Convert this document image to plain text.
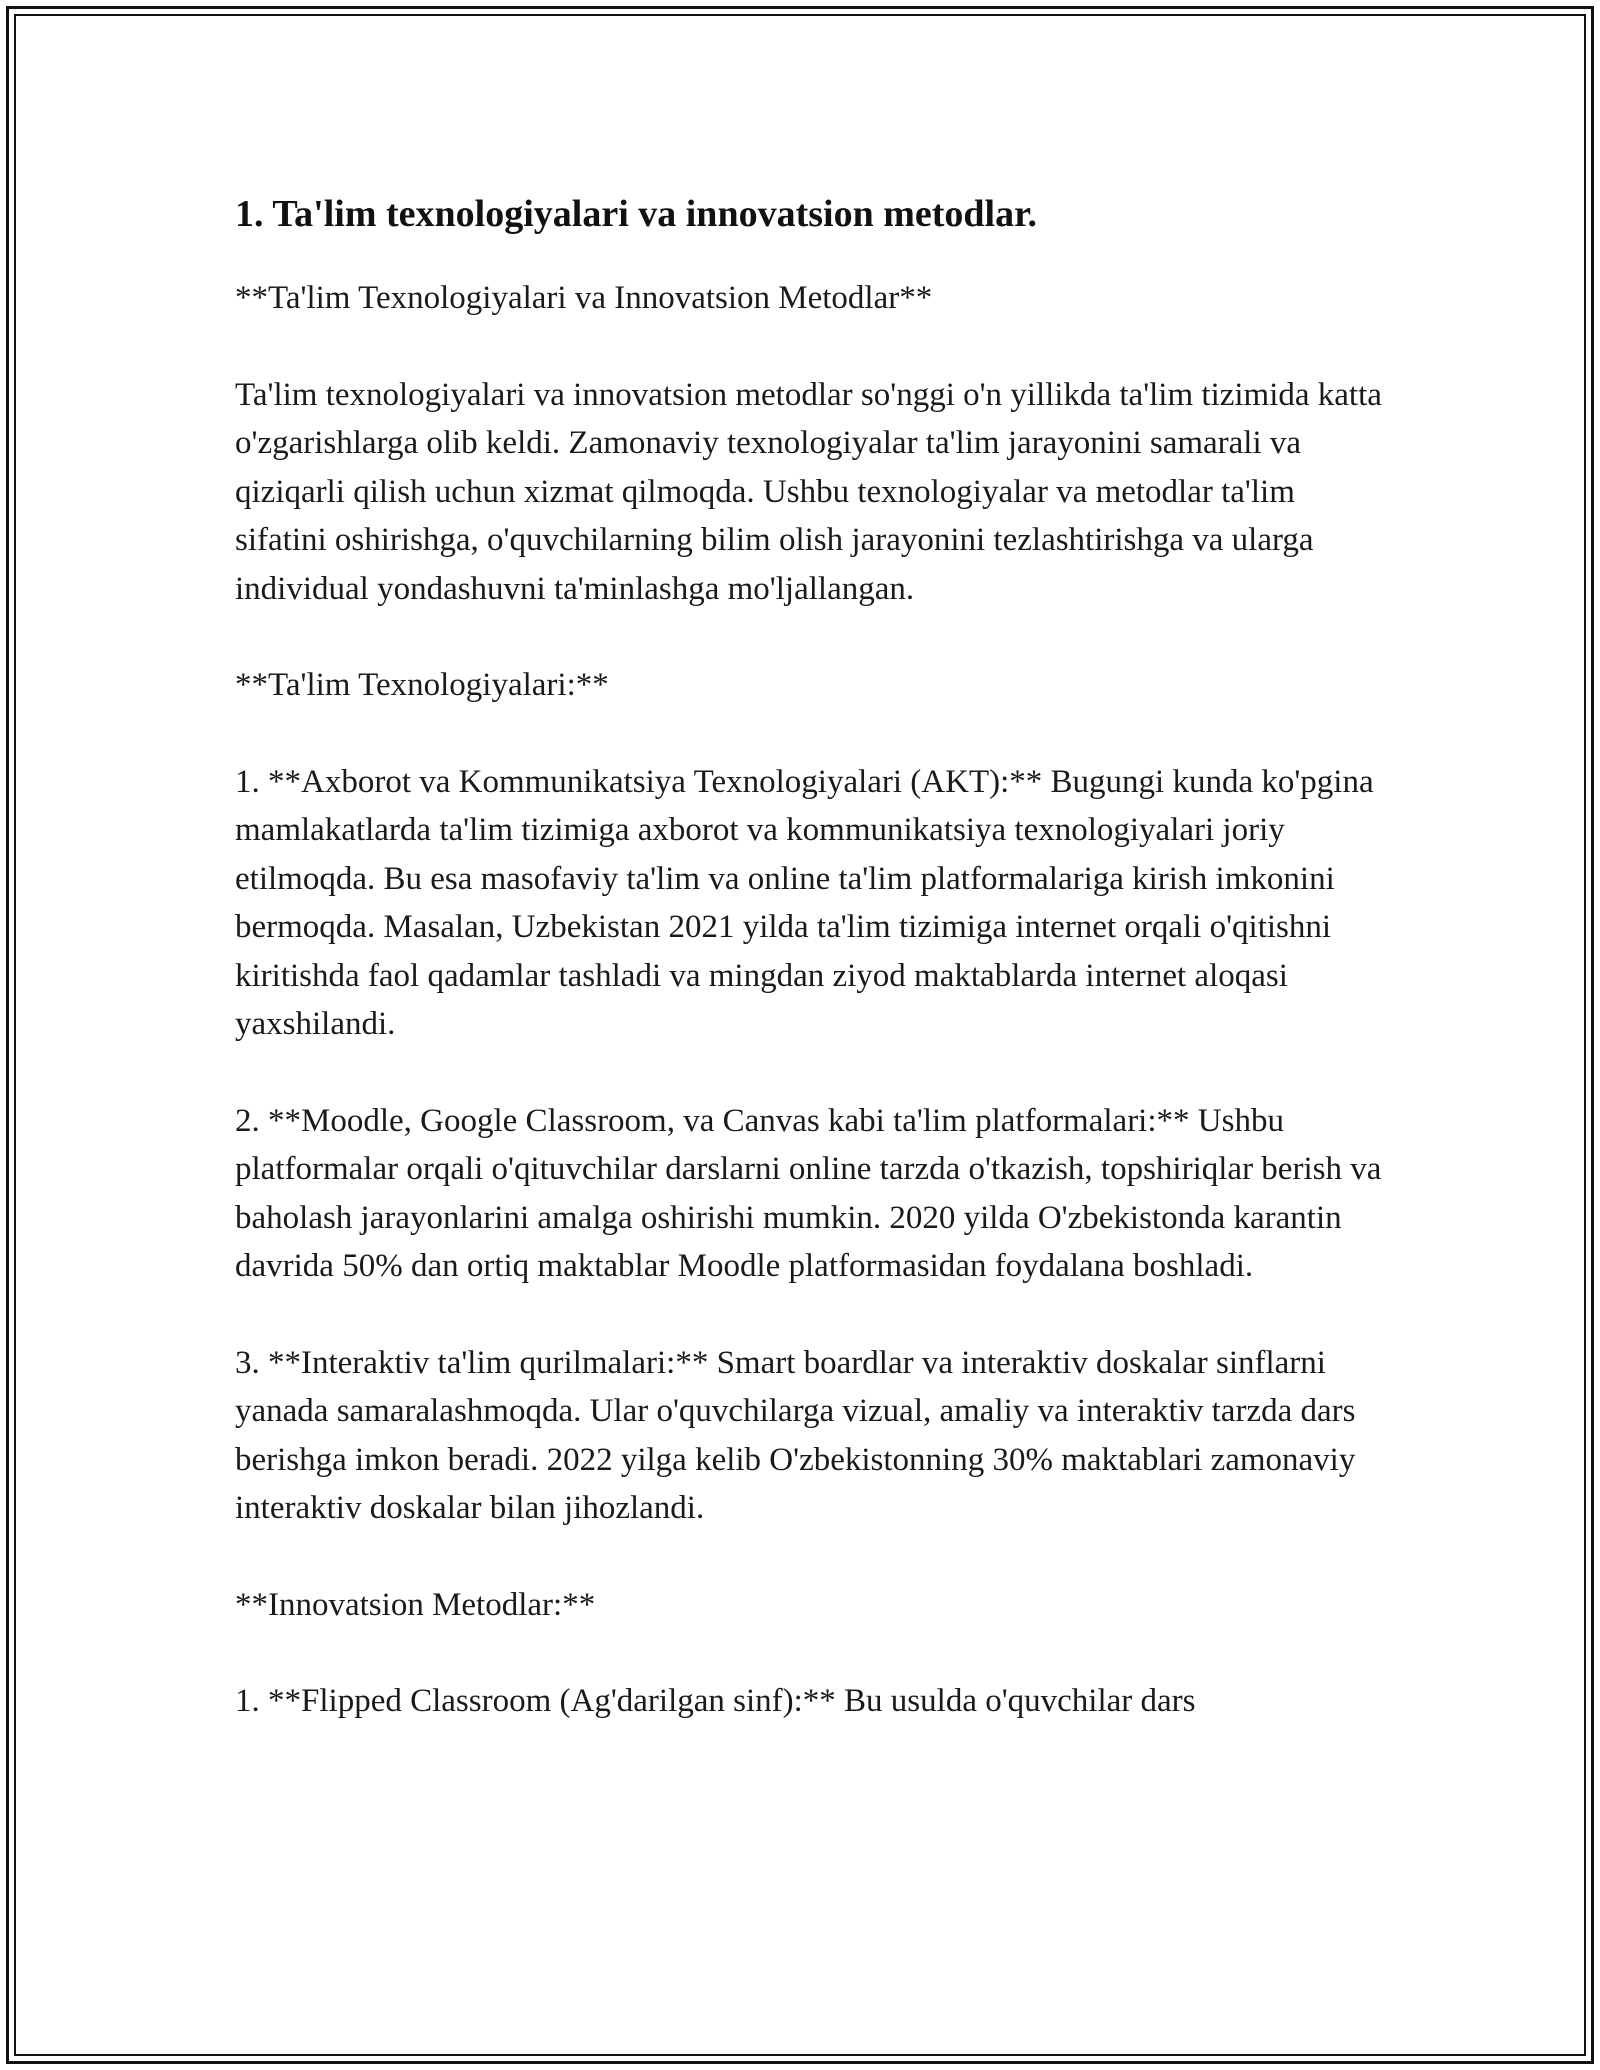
1. Ta'lim texnologiyalari va innovatsion metodlar.

**Ta'lim Texnologiyalari va Innovatsion Metodlar**

Ta'lim texnologiyalari va innovatsion metodlar so'nggi o'n yillikda ta'lim tizimida katta o'zgarishlarga olib keldi. Zamonaviy texnologiyalar ta'lim jarayonini samarali va qiziqarli qilish uchun xizmat qilmoqda. Ushbu texnologiyalar va metodlar ta'lim sifatini oshirishga, o'quvchilarning bilim olish jarayonini tezlashtirishga va ularga individual yondashuvni ta'minlashga mo'ljallangan.

**Ta'lim Texnologiyalari:**

1. **Axborot va Kommunikatsiya Texnologiyalari (AKT):** Bugungi kunda ko'pgina mamlakatlarda ta'lim tizimiga axborot va kommunikatsiya texnologiyalari joriy etilmoqda. Bu esa masofaviy ta'lim va online ta'lim platformalariga kirish imkonini bermoqda. Masalan, Uzbekistan 2021 yilda ta'lim tizimiga internet orqali o'qitishni kiritishda faol qadamlar tashladi va mingdan ziyod maktablarda internet aloqasi yaxshilandi.

2. **Moodle, Google Classroom, va Canvas kabi ta'lim platformalari:** Ushbu platformalar orqali o'qituvchilar darslarni online tarzda o'tkazish, topshiriqlar berish va baholash jarayonlarini amalga oshirishi mumkin. 2020 yilda O'zbekistonda karantin davrida 50% dan ortiq maktablar Moodle platformasidan foydalana boshladi.

3. **Interaktiv ta'lim qurilmalari:** Smart boardlar va interaktiv doskalar sinflarni yanada samaralashmoqda. Ular o'quvchilarga vizual, amaliy va interaktiv tarzda dars berishga imkon beradi. 2022 yilga kelib O'zbekistonning 30% maktablari zamonaviy interaktiv doskalar bilan jihozlandi.

**Innovatsion Metodlar:**

1. **Flipped Classroom (Ag'darilgan sinf):** Bu usulda o'quvchilar dars
